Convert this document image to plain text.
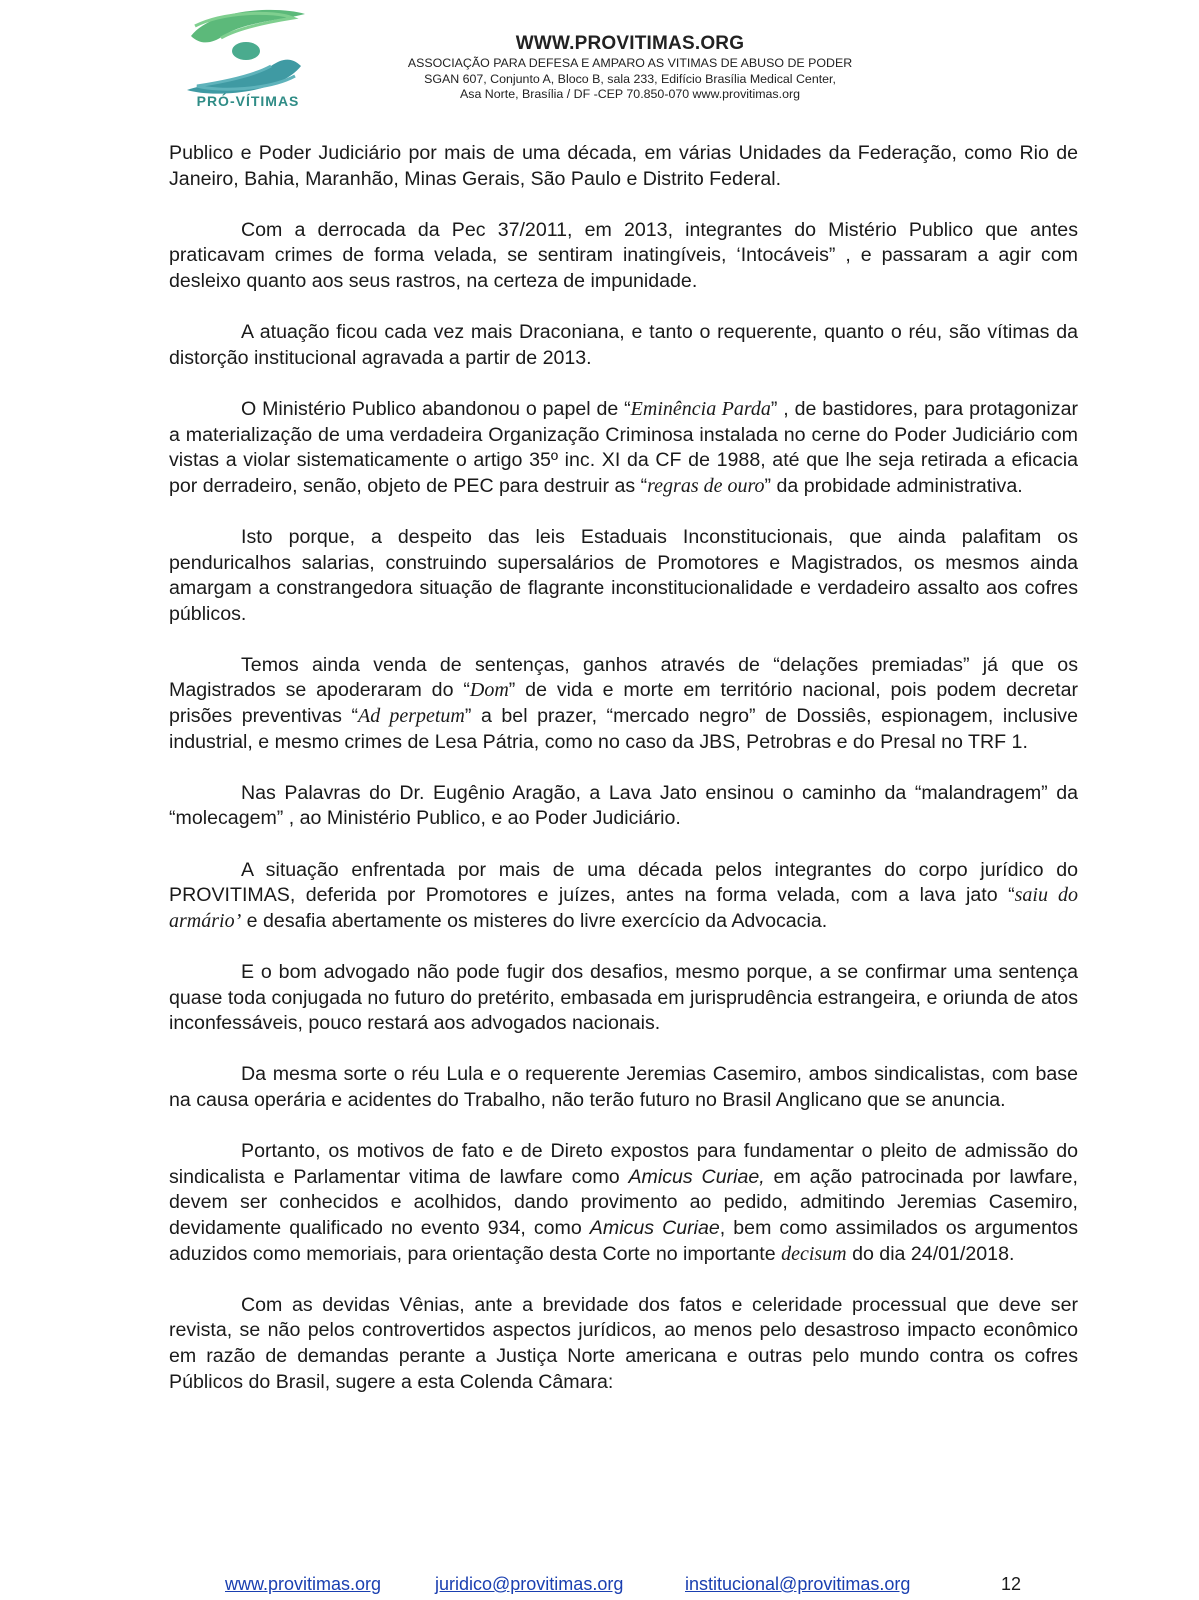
PRÓ-VÍTIMAS
WWW.PROVITIMAS.ORG
ASSOCIAÇÃO PARA DEFESA E AMPARO AS VITIMAS DE ABUSO DE PODER
SGAN 607, Conjunto A, Bloco B, sala 233, Edifício Brasília Medical Center,
Asa Norte, Brasília / DF -CEP 70.850-070 www.provitimas.org

Publico e Poder Judiciário por mais de uma década, em várias Unidades da Federação, como Rio de Janeiro, Bahia, Maranhão, Minas Gerais, São Paulo e Distrito Federal.

Com a derrocada da Pec 37/2011, em 2013, integrantes do Mistério Publico que antes praticavam crimes de forma velada, se sentiram inatingíveis, ‘Intocáveis” , e passaram a agir com desleixo quanto aos seus rastros, na certeza de impunidade.

A atuação ficou cada vez mais Draconiana, e tanto o requerente, quanto o réu, são vítimas da distorção institucional agravada a partir de 2013.

O Ministério Publico abandonou o papel de “Eminência Parda” , de bastidores, para protagonizar a materialização de uma verdadeira Organização Criminosa instalada no cerne do Poder Judiciário com vistas a violar sistematicamente o artigo 35º inc. XI da CF de 1988, até que lhe seja retirada a eficacia por derradeiro, senão, objeto de PEC para destruir as “regras de ouro” da probidade administrativa.

Isto porque, a despeito das leis Estaduais Inconstitucionais, que ainda palafitam os penduricalhos salarias, construindo supersalários de Promotores e Magistrados, os mesmos ainda amargam a constrangedora situação de flagrante inconstitucionalidade e verdadeiro assalto aos cofres públicos.

Temos ainda venda de sentenças, ganhos através de “delações premiadas” já que os Magistrados se apoderaram do “Dom” de vida e morte em território nacional, pois podem decretar prisões preventivas “Ad perpetum” a bel prazer, “mercado negro” de Dossiês, espionagem, inclusive industrial, e mesmo crimes de Lesa Pátria, como no caso da JBS, Petrobras e do Presal no TRF 1.

Nas Palavras do Dr. Eugênio Aragão, a Lava Jato ensinou o caminho da “malandragem” da “molecagem” , ao Ministério Publico, e ao Poder Judiciário.

A situação enfrentada por mais de uma década pelos integrantes do corpo jurídico do PROVITIMAS, deferida por Promotores e juízes, antes na forma velada, com a lava jato “saiu do armário’ e desafia abertamente os misteres do livre exercício da Advocacia.

E o bom advogado não pode fugir dos desafios, mesmo porque, a se confirmar uma sentença quase toda conjugada no futuro do pretérito, embasada em jurisprudência estrangeira, e oriunda de atos inconfessáveis, pouco restará aos advogados nacionais.

Da mesma sorte o réu Lula e o requerente Jeremias Casemiro, ambos sindicalistas, com base na causa operária e acidentes do Trabalho, não terão futuro no Brasil Anglicano que se anuncia.

Portanto, os motivos de fato e de Direto expostos para fundamentar o pleito de admissão do sindicalista e Parlamentar vitima de lawfare como Amicus Curiae, em ação patrocinada por lawfare, devem ser conhecidos e acolhidos, dando provimento ao pedido, admitindo Jeremias Casemiro, devidamente qualificado no evento 934, como Amicus Curiae, bem como assimilados os argumentos aduzidos como memoriais, para orientação desta Corte no importante decisum do dia 24/01/2018.

Com as devidas Vênias, ante a brevidade dos fatos e celeridade processual que deve ser revista, se não pelos controvertidos aspectos jurídicos, ao menos pelo desastroso impacto econômico em razão de demandas perante a Justiça Norte americana e outras pelo mundo contra os cofres Públicos do Brasil, sugere a esta Colenda Câmara:

www.provitimas.org	juridico@provitimas.org	institucional@provitimas.org	12
